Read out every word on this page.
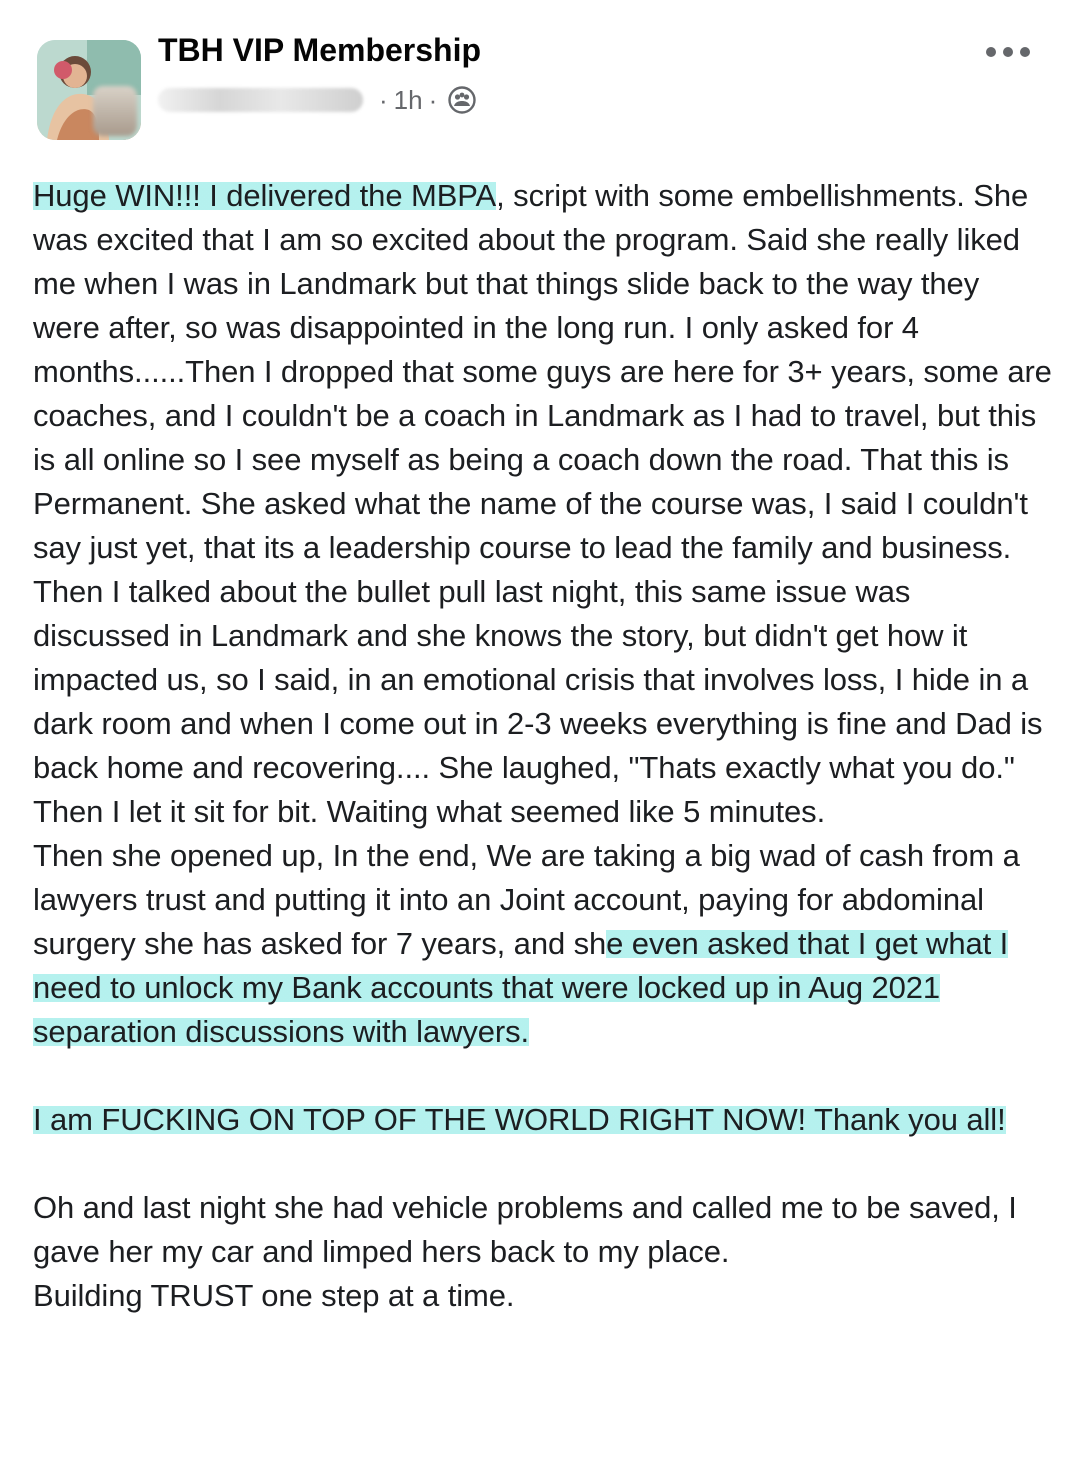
TBH VIP Membership
· 1h ·

Huge WIN!!! I delivered the MBPA, script with some embellishments. She was excited that I am so excited about the program. Said she really liked me when I was in Landmark but that things slide back to the way they were after, so was disappointed in the long run. I only asked for 4 months......Then I dropped that some guys are here for 3+ years, some are coaches, and I couldn't be a coach in Landmark as I had to travel, but this is all online so I see myself as being a coach down the road. That this is Permanent. She asked what the name of the course was, I said I couldn't say just yet, that its a leadership course to lead the family and business.

Then I talked about the bullet pull last night, this same issue was discussed in Landmark and she knows the story, but didn't get how it impacted us, so I said, in an emotional crisis that involves loss, I hide in a dark room and when I come out in 2-3 weeks everything is fine and Dad is back home and recovering.... She laughed, "Thats exactly what you do."

Then I let it sit for bit. Waiting what seemed like 5 minutes.

Then she opened up, In the end, We are taking a big wad of cash from a lawyers trust and putting it into an Joint account, paying for abdominal surgery she has asked for 7 years, and she even asked that I get what I need to unlock my Bank accounts that were locked up in Aug 2021 separation discussions with lawyers.

I am FUCKING ON TOP OF THE WORLD RIGHT NOW! Thank you all!

Oh and last night she had vehicle problems and called me to be saved, I gave her my car and limped hers back to my place.

Building TRUST one step at a time.
